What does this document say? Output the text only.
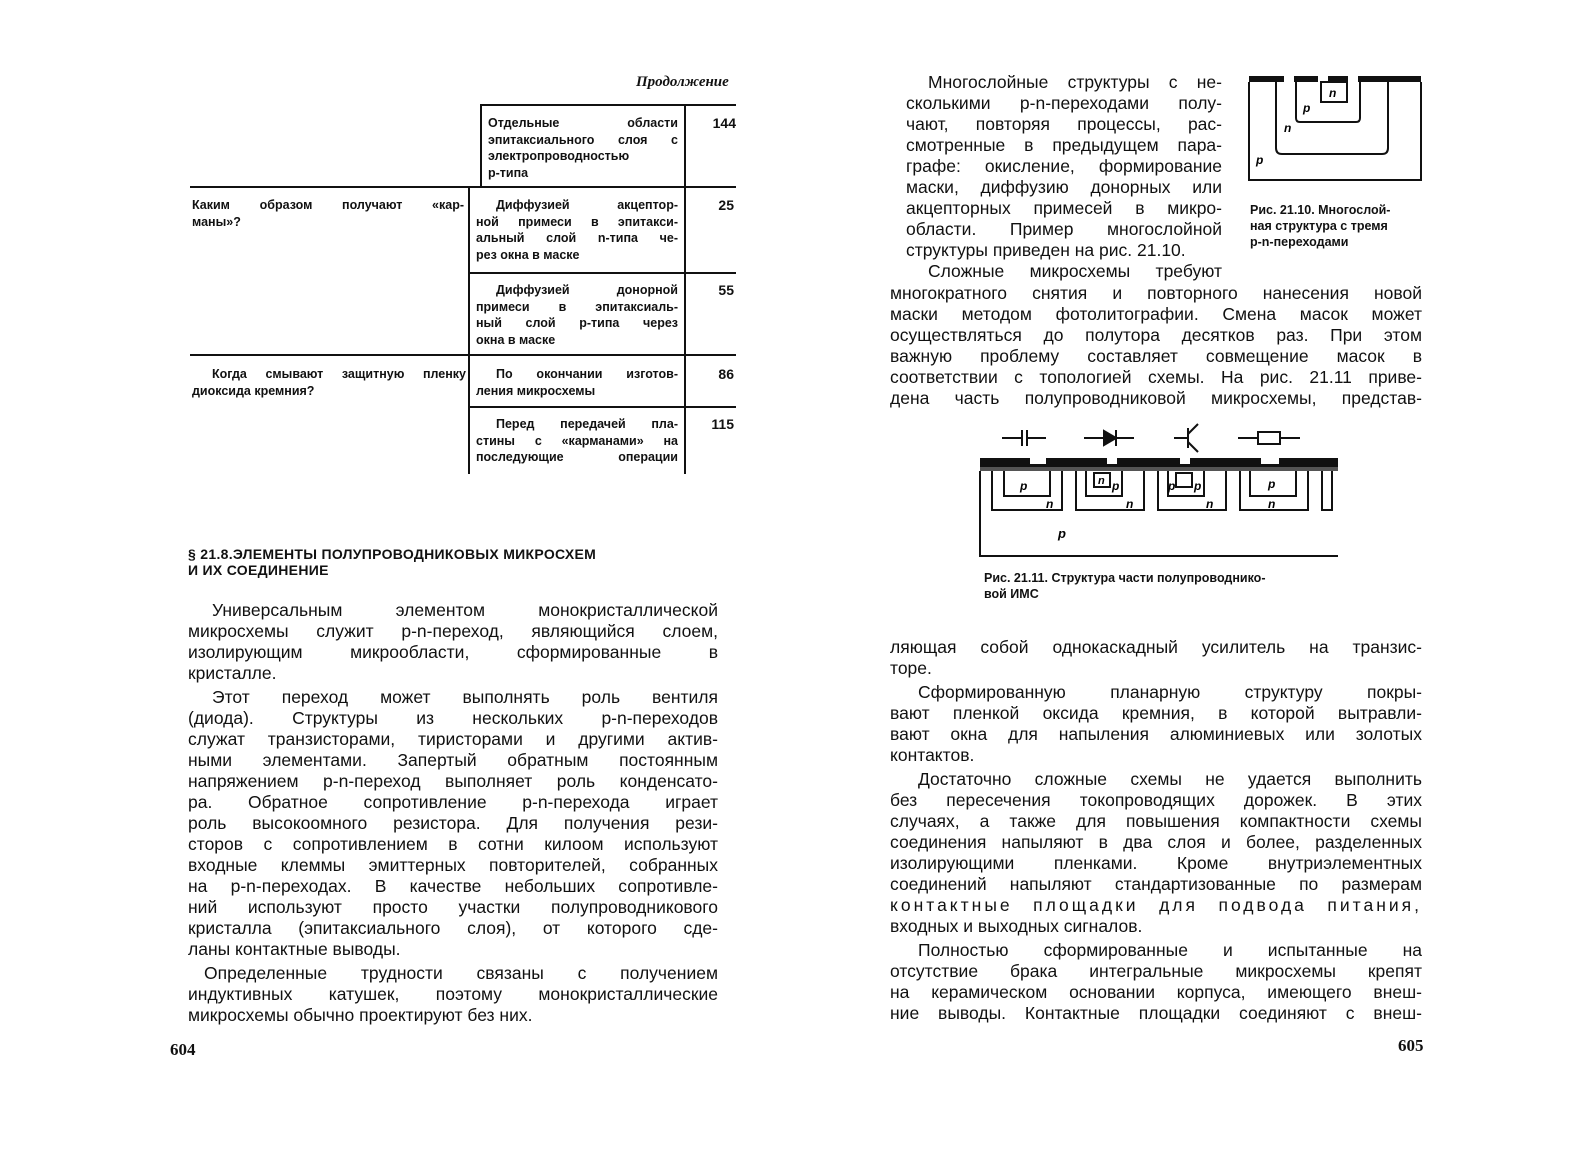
Продолжение
Отдельные области
эпитаксиального слоя с
электропроводностью
p-типа
144
Каким образом получают «кар-
маны»?
Диффузией акцептор-
ной примеси в эпитакси-
альный слой n-типа че-
рез окна в маске
25
Диффузией донорной
примеси в эпитаксиаль-
ный слой p-типа через
окна в маске
55
Когда смывают защитную пленку
диоксида кремния?
По окончании изготов-
ления микросхемы
86
Перед передачей пла-
стины с «карманами» на
последующие операции
115
§ 21.8.ЭЛЕМЕНТЫ ПОЛУПРОВОДНИКОВЫХ МИКРОСХЕМ
И ИХ СОЕДИНЕНИЕ
Универсальным элементом монокристаллической
микросхемы служит p-n-переход, являющийся слоем,
изолирующим микрообласти, сформированные в
кристалле.
Этот переход может выполнять роль вентиля
(диода). Структуры из нескольких p-n-переходов
служат транзисторами, тиристорами и другими актив-
ными элементами. Запертый обратным постоянным
напряжением p-n-переход выполняет роль конденсато-
ра. Обратное сопротивление p-n-перехода играет
роль высокоомного резистора. Для получения рези-
сторов с сопротивлением в сотни килоом используют
входные клеммы эмиттерных повторителей, собранных
на p-n-переходах. В качестве небольших сопротивле-
ний используют просто участки полупроводникового
кристалла (эпитаксиального слоя), от которого сде-
ланы контактные выводы.
Определенные трудности связаны с получением
индуктивных катушек, поэтому монокристаллические
микросхемы обычно проектируют без них.
604
Многослойные структуры с не-
сколькими p-n-переходами полу-
чают, повторяя процессы, рас-
смотренные в предыдущем пара-
графе: окисление, формирование
маски, диффузию донорных или
акцепторных примесей в микро-
области. Пример многослойной
структуры приведен на рис. 21.10.
n
p
n
p
Рис. 21.10. Многослой-
ная структура с тремя
p-n-переходами
Сложные микросхемы требуют
многократного снятия и повторного нанесения новой
маски методом фотолитографии. Смена масок может
осуществляться до полутора десятков раз. При этом
важную проблему составляет совмещение масок в
соответствии с топологией схемы. На рис. 21.11 приве-
дена часть полупроводниковой микросхемы, представ-
p
n
n p
n
p p
n
p
n
p
Рис. 21.11. Структура части полупроводнико-
вой ИМС
ляющая собой однокаскадный усилитель на транзис-
торе.
Сформированную планарную структуру покры-
вают пленкой оксида кремния, в которой вытравли-
вают окна для напыления алюминиевых или золотых
контактов.
Достаточно сложные схемы не удается выполнить
без пересечения токопроводящих дорожек. В этих
случаях, а также для повышения компактности схемы
соединения напыляют в два слоя и более, разделенных
изолирующими пленками. Кроме внутриэлементных
соединений напыляют стандартизованные по размерам
контактные площадки для подвода питания,
входных и выходных сигналов.
Полностью сформированные и испытанные на
отсутствие брака интегральные микросхемы крепят
на керамическом основании корпуса, имеющего внеш-
ние выводы. Контактные площадки соединяют с внеш-
605
